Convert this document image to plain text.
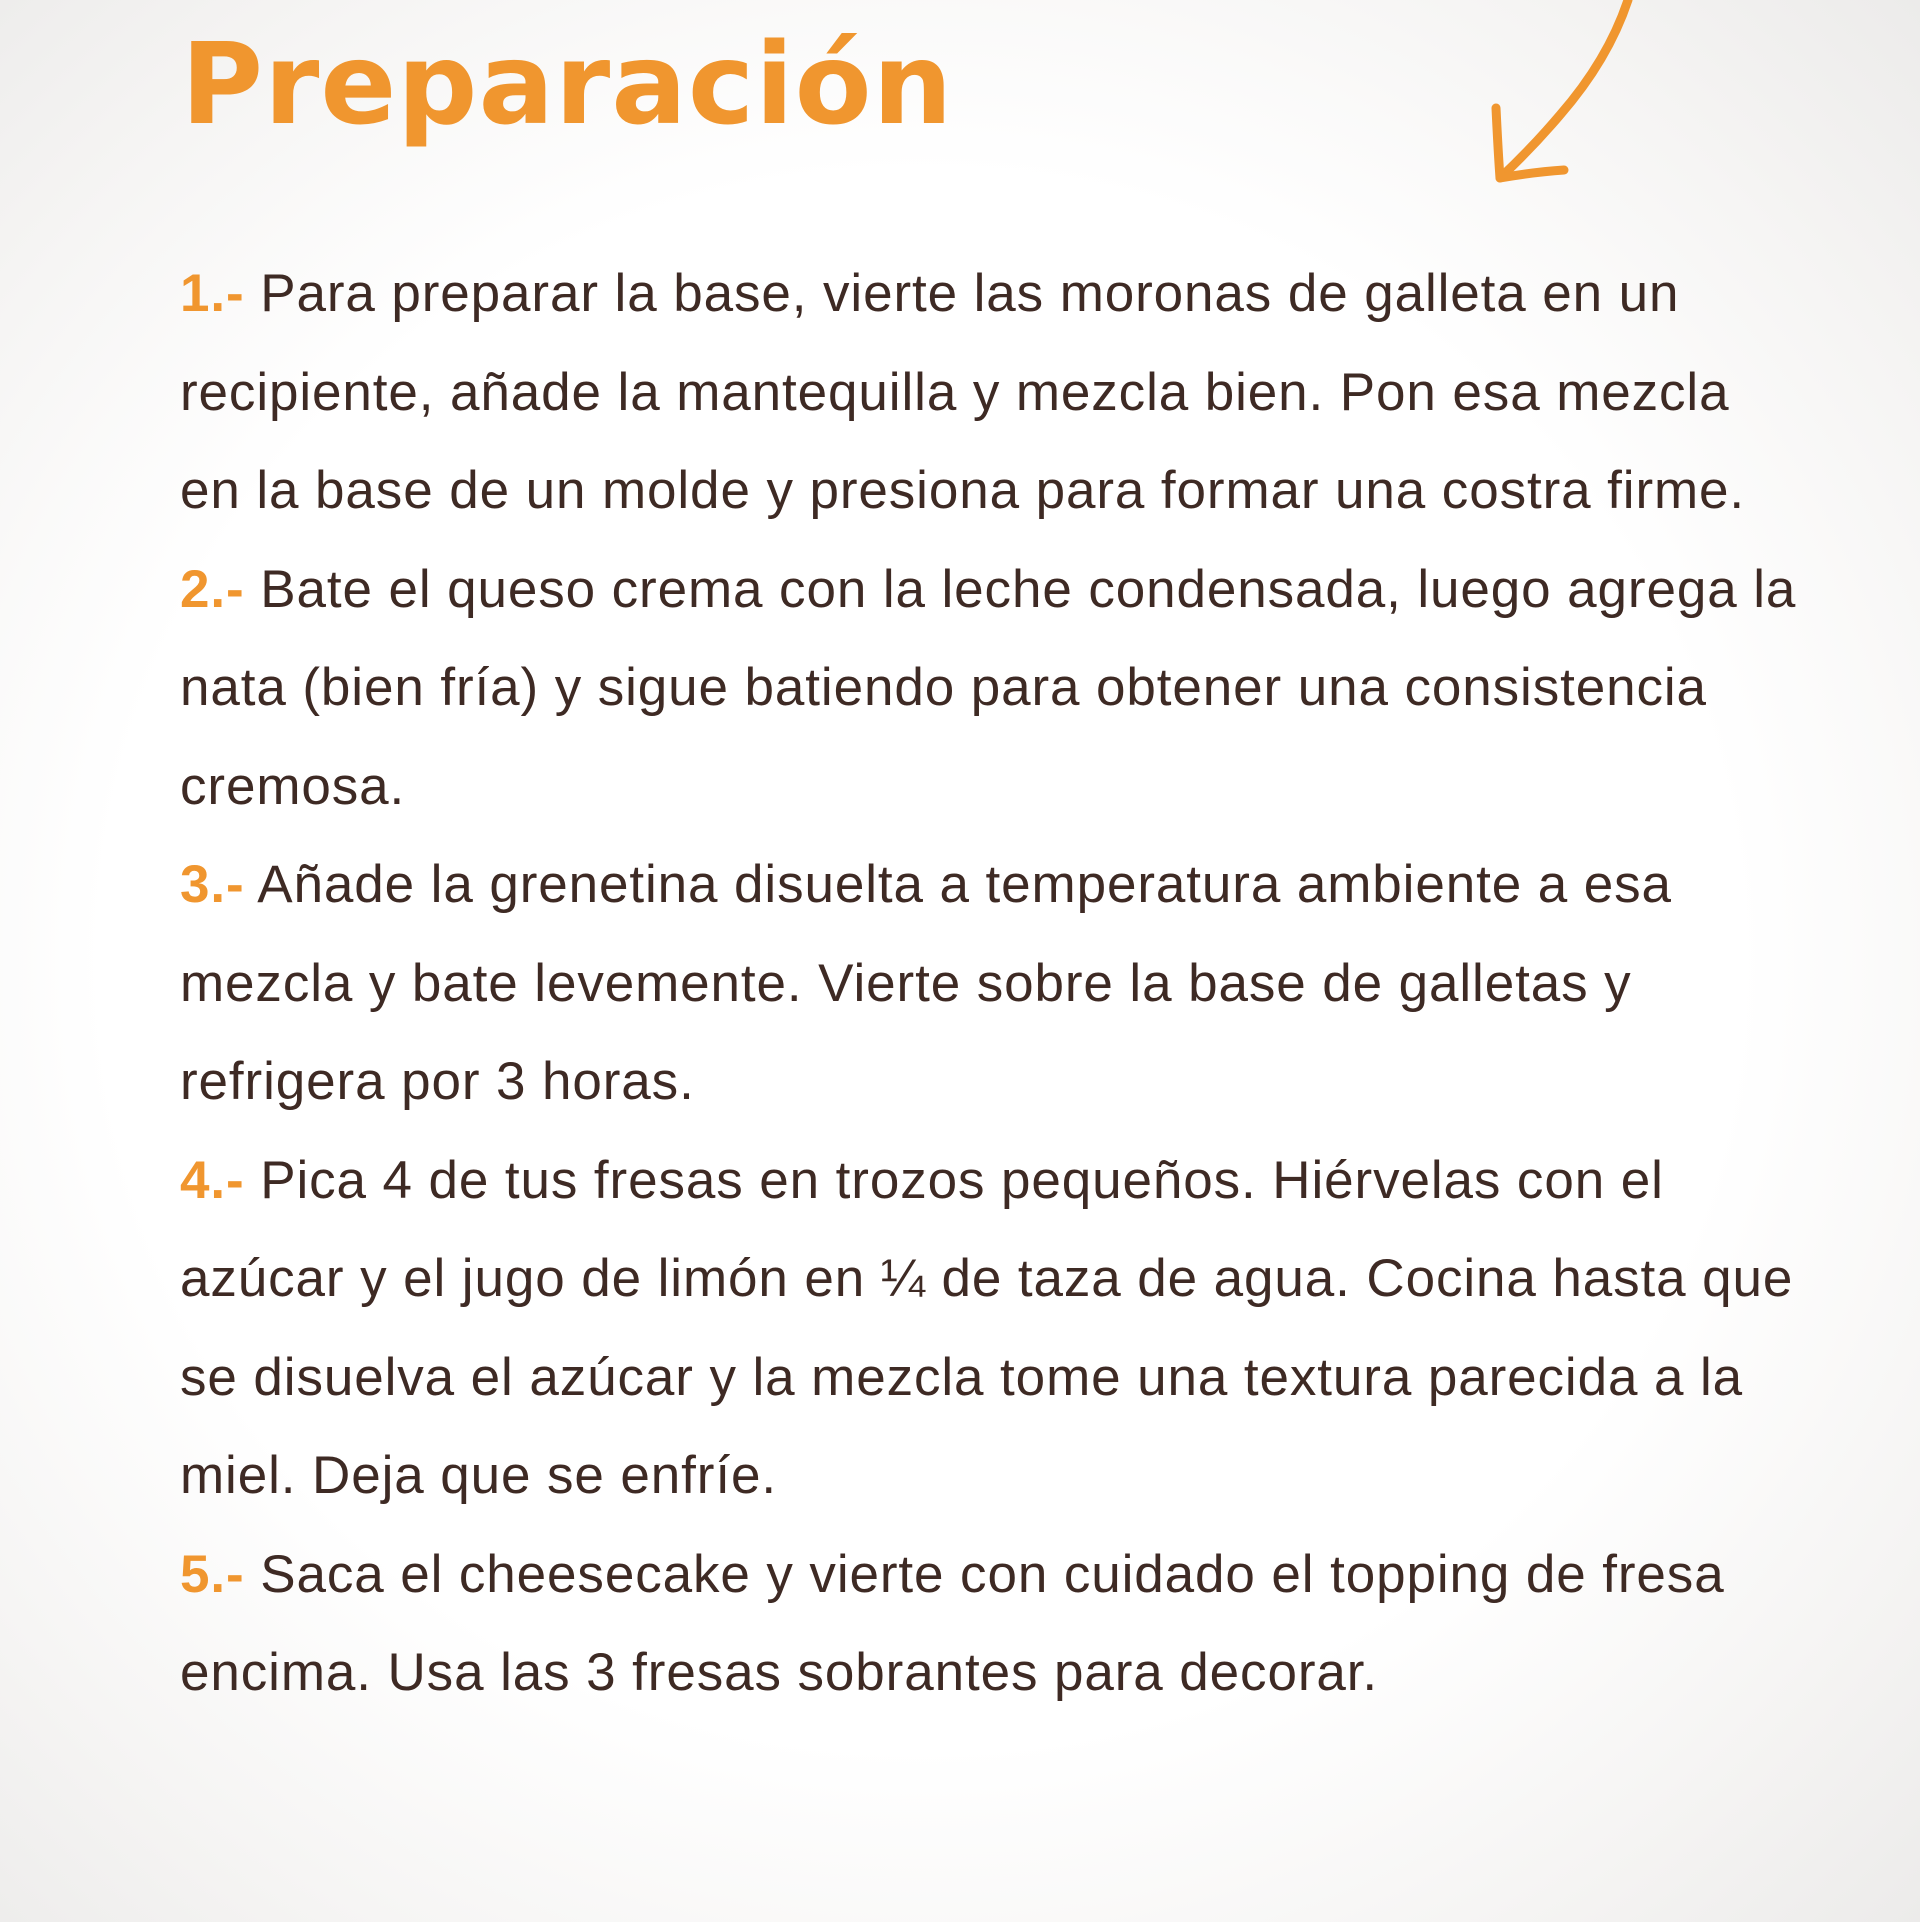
Preparación
1.- Para preparar la base, vierte las moronas de galleta en un recipiente, añade la mantequilla y mezcla bien. Pon esa mezcla en la base de un molde y presiona para formar una costra firme.
2.- Bate el queso crema con la leche condensada, luego agrega la nata (bien fría) y sigue batiendo para obtener una consistencia cremosa.
3.- Añade la grenetina disuelta a temperatura ambiente a esa mezcla y bate levemente. Vierte sobre la base de galletas y refrigera por 3 horas.
4.- Pica 4 de tus fresas en trozos pequeños. Hiérvelas con el azúcar y el jugo de limón en ¼ de taza de agua. Cocina hasta que se disuelva el azúcar y la mezcla tome una textura parecida a la miel. Deja que se enfríe.
5.- Saca el cheesecake y vierte con cuidado el topping de fresa encima. Usa las 3 fresas sobrantes para decorar.
